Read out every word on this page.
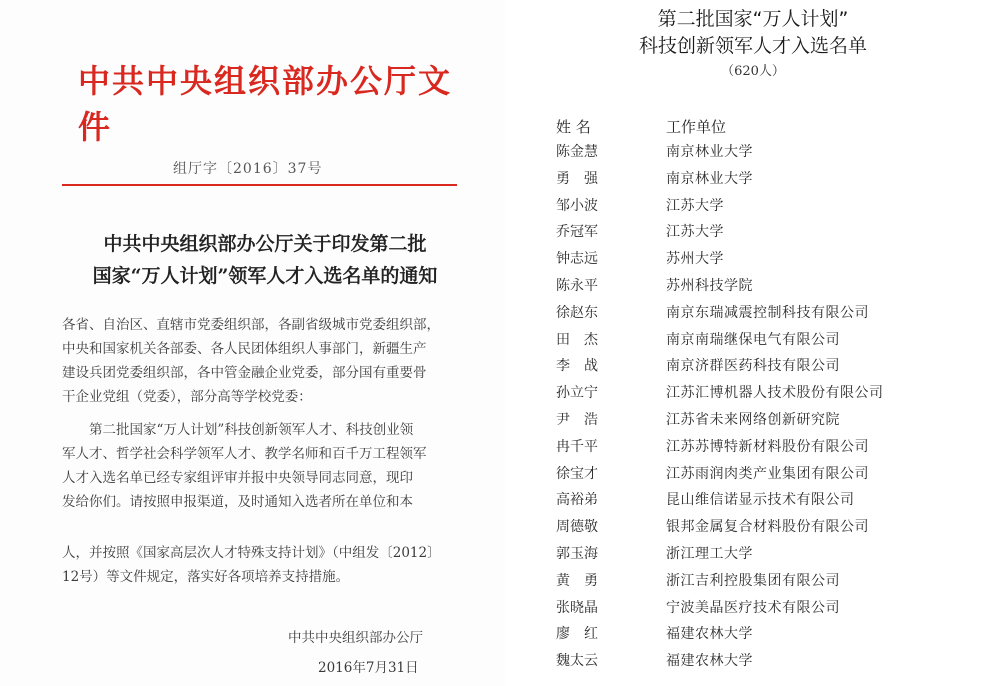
中共中央组织部办公厅文件
组厅字〔2016〕37号
中共中央组织部办公厅关于印发第二批
国家“万人计划”领军人才入选名单的通知
各省、自治区、直辖市党委组织部，各副省级城市党委组织部，
中央和国家机关各部委、各人民团体组织人事部门，新疆生产
建设兵团党委组织部，各中管金融企业党委，部分国有重要骨
干企业党组（党委），部分高等学校党委：
第二批国家“万人计划”科技创新领军人才、科技创业领
军人才、哲学社会科学领军人才、教学名师和百千万工程领军
人才入选名单已经专家组评审并报中央领导同志同意，现印
发给你们。请按照申报渠道，及时通知入选者所在单位和本
人，并按照《国家高层次人才特殊支持计划》（中组发〔2012〕
12号）等文件规定，落实好各项培养支持措施。
中共中央组织部办公厅
2016年7月31日
第二批国家“万人计划”
科技创新领军人才入选名单
（620人）
姓 名	工作单位
陈金慧	南京林业大学
勇　强	南京林业大学
邹小波	江苏大学
乔冠军	江苏大学
钟志远	苏州大学
陈永平	苏州科技学院
徐赵东	南京东瑞减震控制科技有限公司
田　杰	南京南瑞继保电气有限公司
李　战	南京济群医药科技有限公司
孙立宁	江苏汇博机器人技术股份有限公司
尹　浩	江苏省未来网络创新研究院
冉千平	江苏苏博特新材料股份有限公司
徐宝才	江苏雨润肉类产业集团有限公司
高裕弟	昆山维信诺显示技术有限公司
周德敬	银邦金属复合材料股份有限公司
郭玉海	浙江理工大学
黄　勇	浙江吉利控股集团有限公司
张晓晶	宁波美晶医疗技术有限公司
廖　红	福建农林大学
魏太云	福建农林大学
